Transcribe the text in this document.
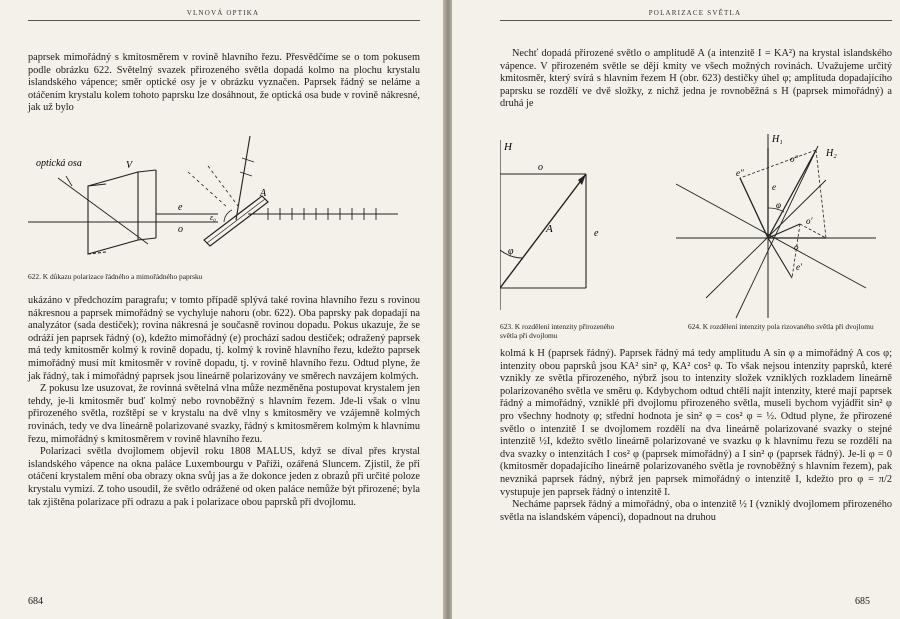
VLNOVÁ OPTIKA

paprsek mimořádný s kmitosměrem v rovině hlavního řezu. Přesvědčíme se o tom pokusem podle obrázku 622. Světelný svazek přirozeného světla dopadá kolmo na plochu krystalu islandského vápence; směr optické osy je v obrázku vyznačen. Paprsek řádný se neláme a otáčením krystalu kolem tohoto paprsku lze dosáhnout, že optická osa bude v rovině nákresné, jak už bylo

optická osa	V
A
e
o
ε₀
622. K důkazu polarizace řádného a mimořádného paprsku

ukázáno v předchozím paragrafu; v tomto případě splývá také rovina hlavního řezu s rovinou nákresnou a paprsek mimořádný se vychyluje nahoru (obr. 622). Oba paprsky pak dopadají na analyzátor (sada destiček); rovina nákresná je současně rovinou dopadu. Pokus ukazuje, že se odráží jen paprsek řádný (o), kdežto mimořádný (e) prochází sadou destiček; odražený paprsek má tedy kmitosměr kolmý k rovině dopadu, tj. kolmý k rovině hlavního řezu, kdežto paprsek mimořádný musí mít kmitosměr v rovině dopadu, tj. v rovině hlavního řezu. Odtud plyne, že jak řádný, tak i mimořádný paprsek jsou lineárně polarizovány ve směrech navzájem kolmých.

Z pokusu lze usuzovat, že rovinná světelná vlna může nezměněna postupovat krystalem jen tehdy, je-li kmitosměr buď kolmý nebo rovnoběžný s hlavním řezem. Jde-li však o vlnu přirozeného světla, rozštěpí se v krystalu na dvě vlny s kmitosměry ve vzájemně kolmých rovinách, tedy ve dva lineárně polarizované svazky, řádný s kmitosměrem kolmým k hlavnímu řezu, mimořádný s kmitosměrem v rovině hlavního řezu.

Polarizaci světla dvojlomem objevil roku 1808 MALUS, když se díval přes krystal islandského vápence na okna paláce Luxembourgu v Paříži, ozářená Sluncem. Zjistil, že při otáčení krystalem mění oba obrazy okna svůj jas a že dokonce jeden z obrazů při určité poloze krystalu vymizí. Z toho usoudil, že světlo odrážené od oken paláce nemůže být přirozené; byla tak zjištěna polarizace při odrazu a pak i polarizace obou paprsků při dvojlomu.

684
POLARIZACE SVĚTLA

Nechť dopadá přirozené světlo o amplitudě A (a intenzitě I = KA²) na krystal islandského vápence. V přirozeném světle se dějí kmity ve všech možných rovinách. Uvažujeme určitý kmitosměr, který svírá s hlavním řezem H (obr. 623) destičky úhel φ; amplituda dopadajícího paprsku se rozdělí ve dvě složky, z nichž jedna je rovnoběžná s H (paprsek mimořádný) a druhá je

H
o
A	e
φ
623. K rozdělení intenzity přirozeného světla při dvojlomu
H₁
H₂
e″
o″
e
φ
o′
o
e′
624. K rozdělení intenzity pola rizovaného světla při dvojlomu

kolmá k H (paprsek řádný). Paprsek řádný má tedy amplitudu A sin φ a mimořádný A cos φ; intenzity obou paprsků jsou KA² sin² φ, KA² cos² φ. To však nejsou intenzity paprsků, které vznikly ze světla přirozeného, nýbrž jsou to intenzity složek vzniklých rozkladem lineárně polarizovaného světla ve směru φ. Kdybychom odtud chtěli najít intenzity, které mají paprsek řádný a mimořádný, vzniklé při dvojlomu přirozeného světla, museli bychom vyjádřit sin² φ pro všechny hodnoty φ; střední hodnota je sin² φ = cos² φ = ½. Odtud plyne, že přirozené světlo o intenzitě I se dvojlomem rozdělí na dva lineárně polarizované svazky o stejné intenzitě ½I, kdežto světlo lineárně polarizované ve svazku φ k hlavnímu řezu se rozdělí na dva svazky o intenzitách I cos² φ (paprsek mimořádný) a I sin² φ (paprsek řádný). Je-li φ = 0 (kmitosměr dopadajícího lineárně polarizovaného světla je rovnoběžný s hlavním řezem), pak nevzniká paprsek řádný, nýbrž jen paprsek mimořádný o intenzitě I, kdežto pro φ = π/2 vystupuje jen paprsek řádný o intenzitě I.

Necháme paprsek řádný a mimořádný, oba o intenzitě ½ I (vzniklý dvojlomem přirozeného světla na islandském vápenci), dopadnout na druhou

685
